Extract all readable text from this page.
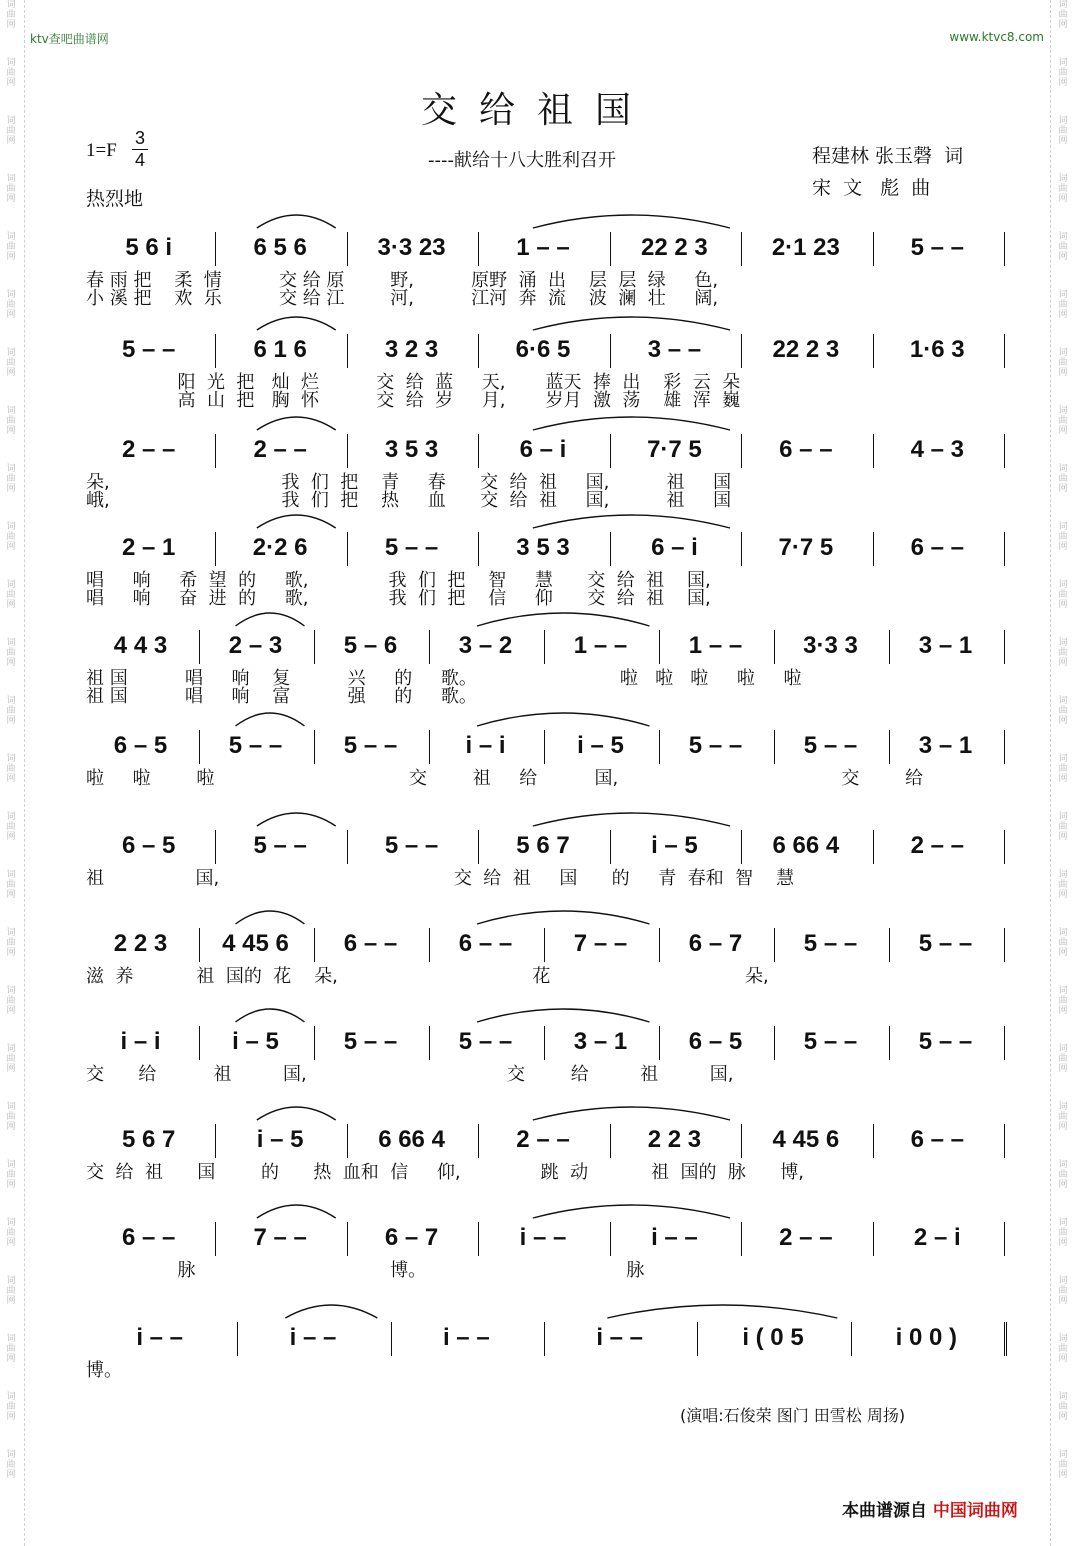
词
曲
网
词
曲
网
词
曲
网
词
曲
网
词
曲
网
词
曲
网
词
曲
网
词
曲
网
词
曲
网
词
曲
网
词
曲
网
词
曲
网
词
曲
网
词
曲
网
词
曲
网
词
曲
网
词
曲
网
词
曲
网
词
曲
网
词
曲
网
词
曲
网
词
曲
网
词
曲
网
词
曲
网
词
曲
网
词
曲
网
词
曲
网
词
曲
网
词
曲
网
词
曲
网
词
曲
网
词
曲
网
词
曲
网
词
曲
网
词
曲
网
词
曲
网
词
曲
网
词
曲
网
词
曲
网
词
曲
网
词
曲
网
词
曲
网
词
曲
网
词
曲
网
词
曲
网
词
曲
网
词
曲
网
词
曲
网
词
曲
网
词
曲
网
词
曲
网
词
曲
网
ktv查吧曲谱网	www.ktvc8.com
交给祖国
$1=F \frac{3}{4}$
热烈地
----献给十八大胜利召开	程建林 张玉磬  词
宋  文   彪  曲
5 6 i	6 5 6	3·3 23	1 – –	22 2 3	2·1 23	5 – –
春 雨 把    柔  情          交 给 原        野,          原野  涌  出    层  层  绿     色,
小 溪 把    欢  乐          交 给 江        河,          江河  奔  流    波  澜  壮     阔,
5 – –	6 1 6	3 2 3	6·6 5	3 – –	22 2 3	1·6 3
阳  光  把   灿  烂          交  给  蓝     天,       蓝天  捧  出    彩  云  朵
高  山  把   胸  怀          交  给  岁     月,       岁月  激  荡    雄  浑  巍
2 – –	2 – –	3 5 3	6 – i	7·7 5	6 – –	4 – 3
朵,                              我  们  把    青     春      交  给  祖     国,          祖     国
峨,                              我  们  把    热     血      交  给  祖     国,          祖     国
2 – 1	2·2 6	5 – –	3 5 3	6 – i	7·7 5	6 – –
唱     响     希  望  的     歌,              我  们  把    智     慧      交  给  祖    国,
唱     响     奋  进  的     歌,              我  们  把    信     仰      交  给  祖    国,
4 4 3	2 – 3	5 – 6	3 – 2	1 – –	1 – –	3·3 3	3 – 1
祖 国          唱     响    复          兴     的     歌。                         啦   啦   啦     啦     啦
祖 国          唱     响    富          强     的     歌。
6 – 5	5 – –	5 – –	i – i	i – 5	5 – –	5 – –	3 – 1
啦     啦        啦                                  交        祖     给          国,                                       交        给
6 – 5	5 – –	5 – –	5 6 7	i – 5	6 66 4	2 – –
祖                国,                                         交  给  祖     国      的     青  春和  智    慧
2 2 3	4 45 6	6 – –	6 – –	7 – –	6 – 7	5 – –	5 – –
滋  养           祖  国的  花    朵,                                  花                                  朵,
i – i	i – 5	5 – –	5 – –	3 – 1	6 – 5	5 – –	5 – –
交      给          祖         国,                                   交        给         祖         国,
5 6 7	i – 5	6 66 4	2 – –	2 2 3	4 45 6	6 – –
交  给  祖      国        的      热  血和  信     仰,              跳  动           祖  国的  脉      博,
6 – –	7 – –	6 – 7	i – –	i – –	2 – –	2 – i
脉                                  博。                                   脉
i – –	i – –	i – –	i – –	i ( 0 5	i 0 0 )
博。
(演唱:石俊荣 图门 田雪松 周扬)
本曲谱源自 中国词曲网
